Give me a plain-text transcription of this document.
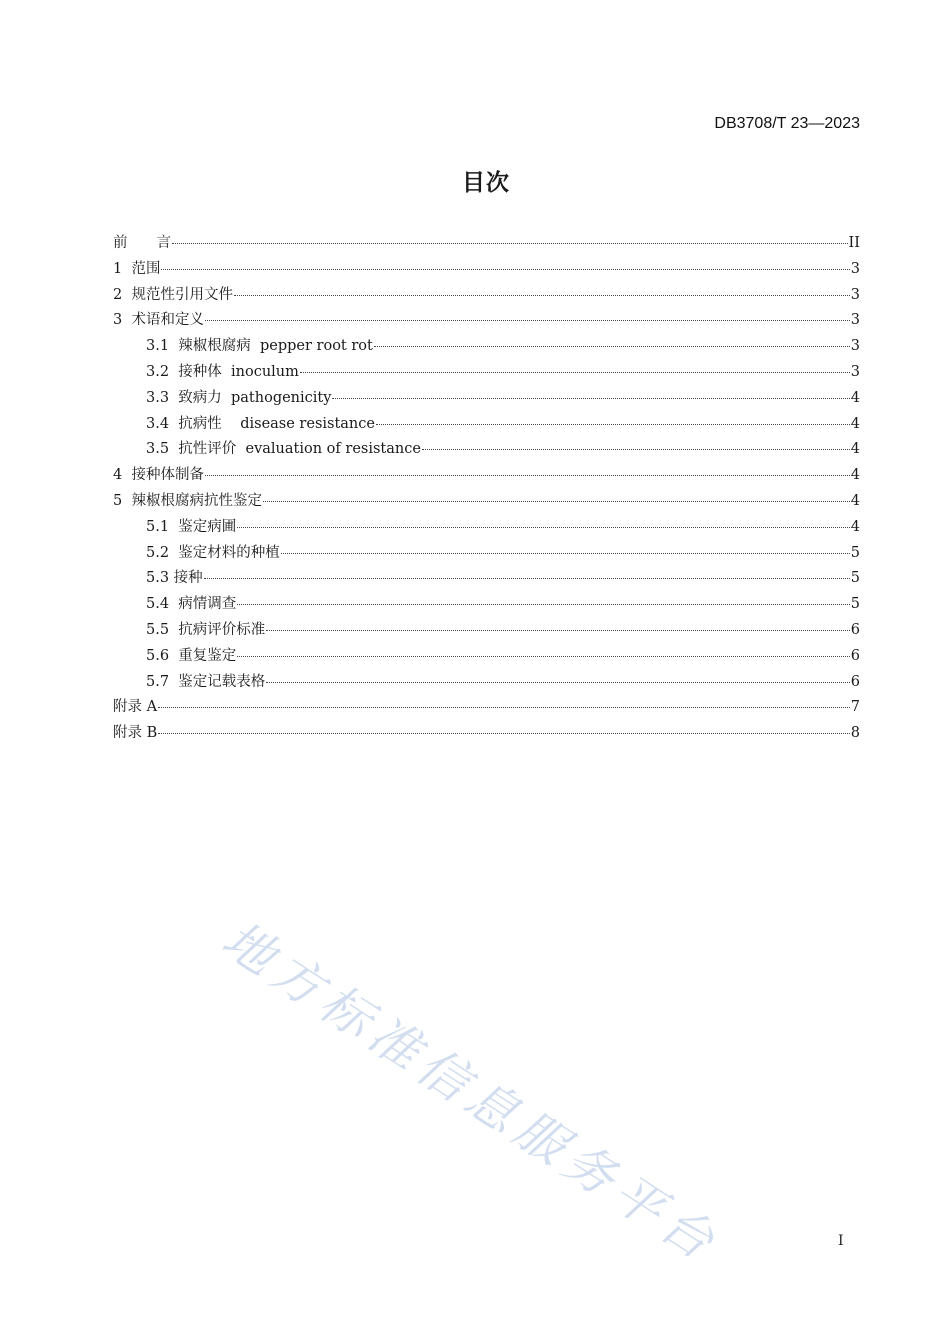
DB3708/T 23—2023
目次
前　　言	II
1  范围	3
2  规范性引用文件	3
3  术语和定义	3
3.1  辣椒根腐病  pepper root rot	3
3.2  接种体  inoculum	3
3.3  致病力  pathogenicity	4
3.4  抗病性    disease resistance	4
3.5  抗性评价  evaluation of resistance	4
4  接种体制备	4
5  辣椒根腐病抗性鉴定	4
5.1  鉴定病圃	4
5.2  鉴定材料的种植	5
5.3 接种	5
5.4  病情调查	5
5.5  抗病评价标准	6
5.6  重复鉴定	6
5.7  鉴定记载表格	6
附录 A	7
附录 B	8
地方标准信息服务平台	I
